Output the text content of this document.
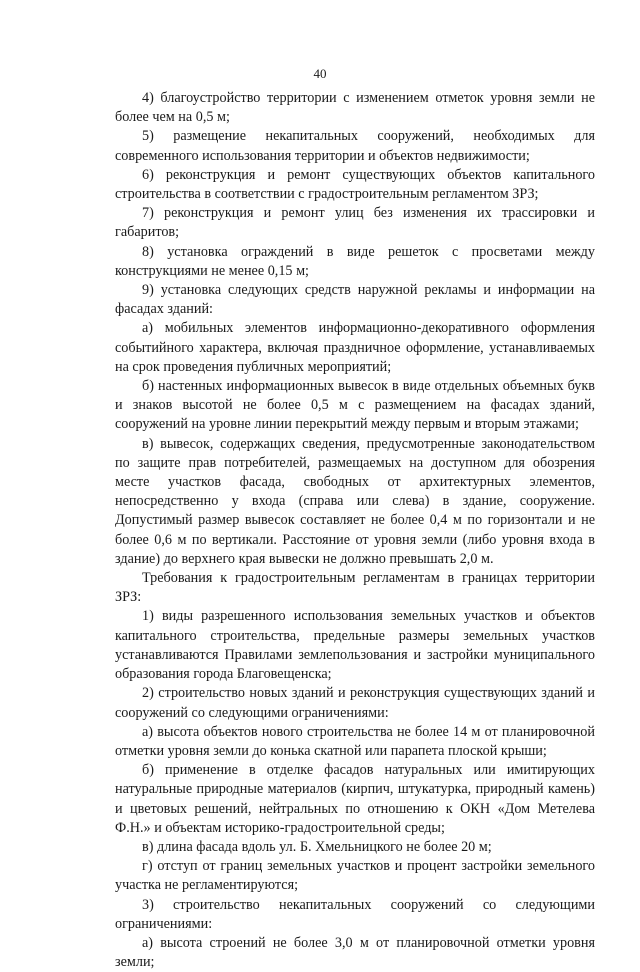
40

4) благоустройство территории с изменением отметок уровня земли не более чем на 0,5 м;

5) размещение некапитальных сооружений, необходимых для современного использования территории и объектов недвижимости;

6) реконструкция и ремонт существующих объектов капитального строительства в соответствии с градостроительным регламентом ЗРЗ;

7) реконструкция и ремонт улиц без изменения их трассировки и габаритов;

8) установка ограждений в виде решеток с просветами между конструкциями не менее 0,15 м;

9) установка следующих средств наружной рекламы и информации на фасадах зданий:

а) мобильных элементов информационно-декоративного оформления событийного характера, включая праздничное оформление, устанавливаемых на срок проведения публичных мероприятий;

б) настенных информационных вывесок в виде отдельных объемных букв и знаков высотой не более 0,5 м с размещением на фасадах зданий, сооружений на уровне линии перекрытий между первым и вторым этажами;

в) вывесок, содержащих сведения, предусмотренные законодательством по защите прав потребителей, размещаемых на доступном для обозрения месте участков фасада, свободных от архитектурных элементов, непосредственно у входа (справа или слева) в здание, сооружение. Допустимый размер вывесок составляет не более 0,4 м по горизонтали и не более 0,6 м по вертикали. Расстояние от уровня земли (либо уровня входа в здание) до верхнего края вывески не должно превышать 2,0 м.

Требования к градостроительным регламентам в границах территории ЗРЗ:

1) виды разрешенного использования земельных участков и объектов капитального строительства, предельные размеры земельных участков устанавливаются Правилами землепользования и застройки муниципального образования города Благовещенска;

2) строительство новых зданий и реконструкция существующих зданий и сооружений со следующими ограничениями:

а) высота объектов нового строительства не более 14 м от планировочной отметки уровня земли до конька скатной или парапета плоской крыши;

б) применение в отделке фасадов натуральных или имитирующих натуральные природные материалов (кирпич, штукатурка, природный камень) и цветовых решений, нейтральных по отношению к ОКН «Дом Метелева Ф.Н.» и объектам историко-градостроительной среды;

в) длина фасада вдоль ул. Б. Хмельницкого не более 20 м;

г) отступ от границ земельных участков и процент застройки земельного участка не регламентируются;

3) строительство некапитальных сооружений со следующими ограничениями:

а) высота строений не более 3,0 м от планировочной отметки уровня земли;
